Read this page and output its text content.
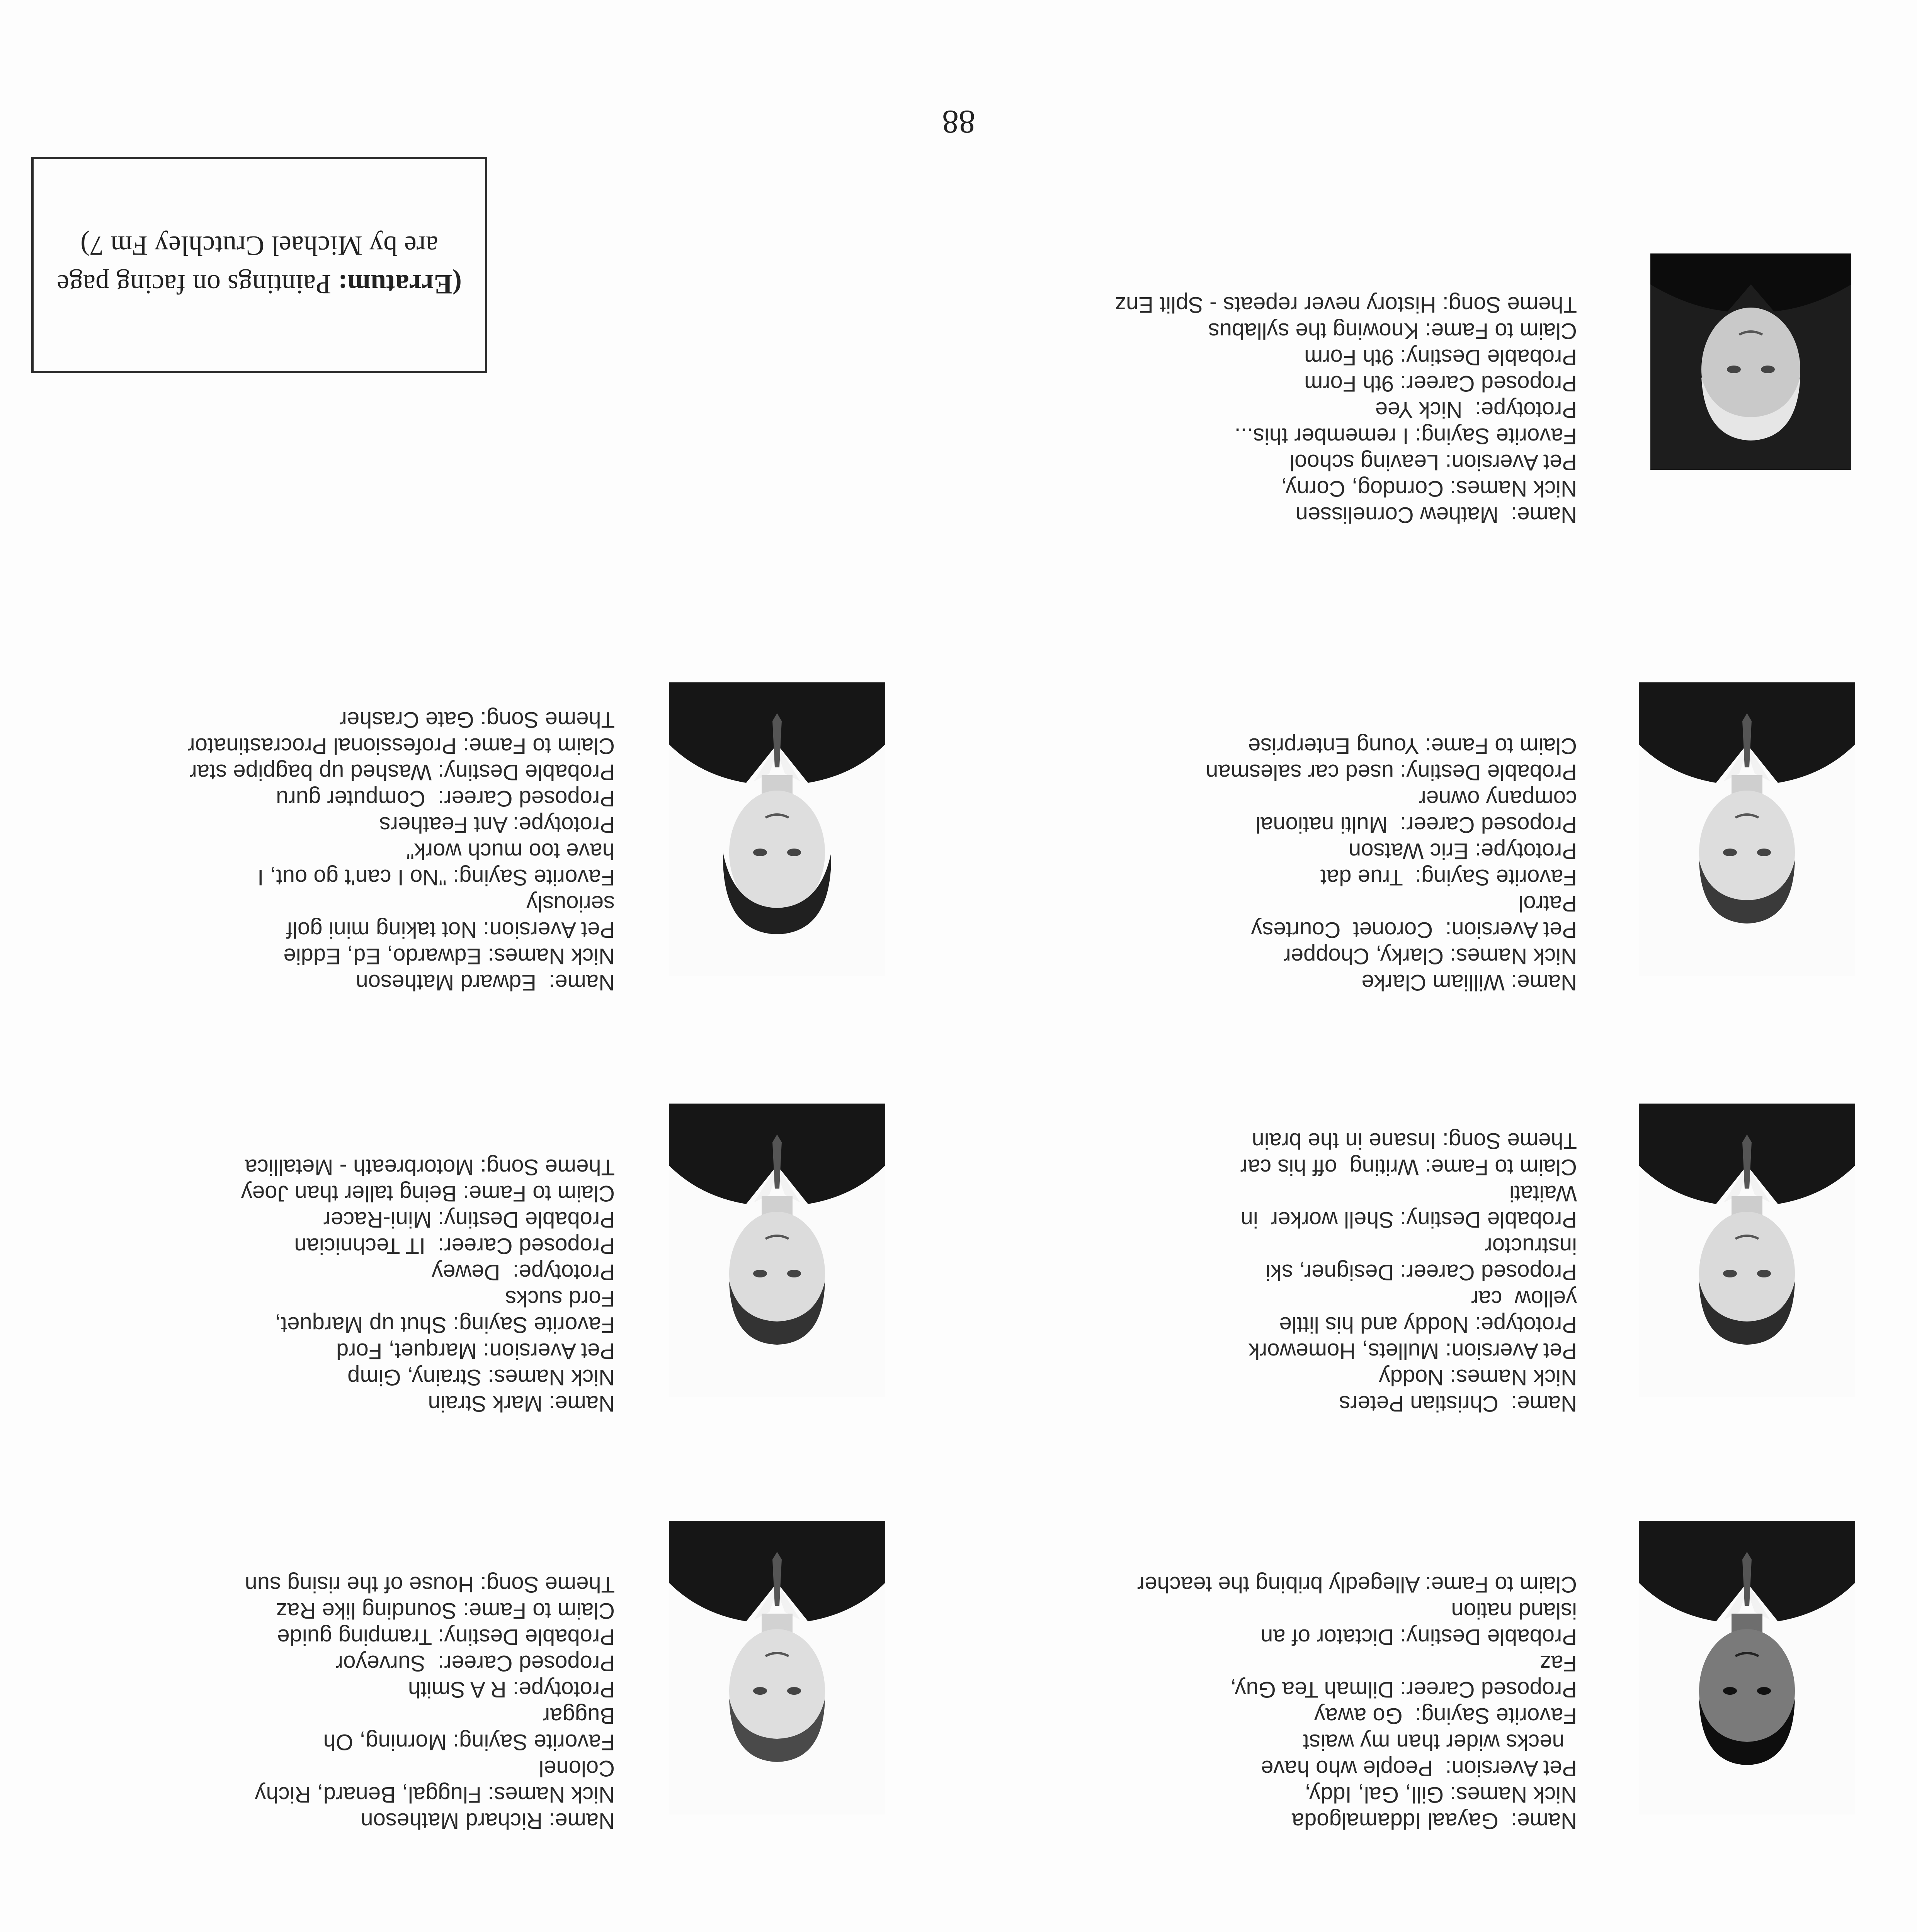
88
(Erratum: Paintings on facing page
are by Michael Crutchley Fm 7)
Name:  Gayaal Iddamalgoda
Nick Names: Gill, Gal, Iddy,
Pet Aversion:  People who have
necks wider than my waist
Favorite Saying:  Go away
Proposed Career: Dilmah Tea Guy,
Faz
Probable Destiny: Dictator of an
island nation
Claim to Fame: Allegedly bribing the teacher
Name: Richard Matheson
Nick Names: Fluggal, Benard, Richy
Colonel
Favorite Saying: Morning, Oh
Buggar
Prototype: R A Smith
Proposed Career:  Surveyor
Probable Destiny: Tramping guide
Claim to Fame: Sounding like Raz
Theme Song: House of the rising sun
Name:  Christian Peters
Nick Names: Noddy
Pet Aversion: Mullets, Homework
Prototype: Noddy and his little
yellow  car
Proposed Career: Designer, ski
instructor
Probable Destiny: Shell worker  in
Waitati
Claim to Fame: Writing  off his car
Theme Song: Insane in the brain
Name: Mark Strain
Nick Names: Strainy, Gimp
Pet Aversion: Marquet, Ford
Favorite Saying: Shut up Marquet,
Ford sucks
Prototype:  Dewey
Proposed Career:  IT Technician
Probable Destiny: Mini-Racer
Claim to Fame: Being taller than Joey
Theme Song: Motorbreath - Metallica
Name: William Clarke
Nick Names: Clarky, Chopper
Pet Aversion:  Coronet  Courtesy
Patrol
Favorite Saying:  True dat
Prototype: Eric Watson
Proposed Career:  Multi national
company owner
Probable Destiny: used car salesman
Claim to Fame: Young Enterprise
Name:  Edward Matheson
Nick Names: Edwardo, Ed, Eddie
Pet Aversion: Not taking mini golf
seriously
Favorite Saying: "No I can't go out, I
have too much work"
Prototype: Ant Feathers
Proposed Career:  Computer guru
Probable Destiny: Washed up bagpipe star
Claim to Fame: Professional Procrastinator
Theme Song: Gate Crasher
Name:  Mathew Cornelissen
Nick Names: Corndog, Corny,
Pet Aversion: Leaving school
Favorite Saying: I remember this...
Prototype:  Nick Yee
Proposed Career: 9th Form
Probable Destiny: 9th Form
Claim to Fame: Knowing the syllabus
Theme Song: History never repeats - Split Enz
